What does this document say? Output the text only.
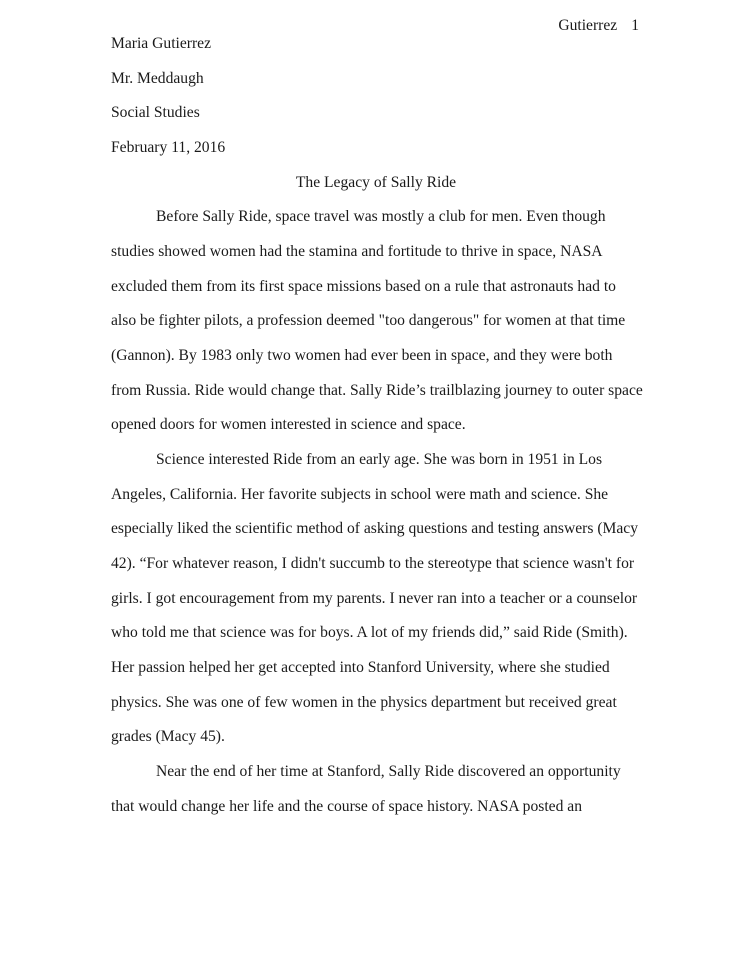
Gutierrez 1
Maria Gutierrez
Mr. Meddaugh
Social Studies
February 11, 2016
The Legacy of Sally Ride
Before Sally Ride, space travel was mostly a club for men. Even though
studies showed women had the stamina and fortitude to thrive in space, NASA
excluded them from its first space missions based on a rule that astronauts had to
also be fighter pilots, a profession deemed "too dangerous" for women at that time
(Gannon). By 1983 only two women had ever been in space, and they were both
from Russia. Ride would change that. Sally Ride’s trailblazing journey to outer space
opened doors for women interested in science and space.
Science interested Ride from an early age. She was born in 1951 in Los
Angeles, California. Her favorite subjects in school were math and science. She
especially liked the scientific method of asking questions and testing answers (Macy
42). “For whatever reason, I didn't succumb to the stereotype that science wasn't for
girls. I got encouragement from my parents. I never ran into a teacher or a counselor
who told me that science was for boys. A lot of my friends did,” said Ride (Smith).
Her passion helped her get accepted into Stanford University, where she studied
physics. She was one of few women in the physics department but received great
grades (Macy 45).
Near the end of her time at Stanford, Sally Ride discovered an opportunity
that would change her life and the course of space history. NASA posted an
